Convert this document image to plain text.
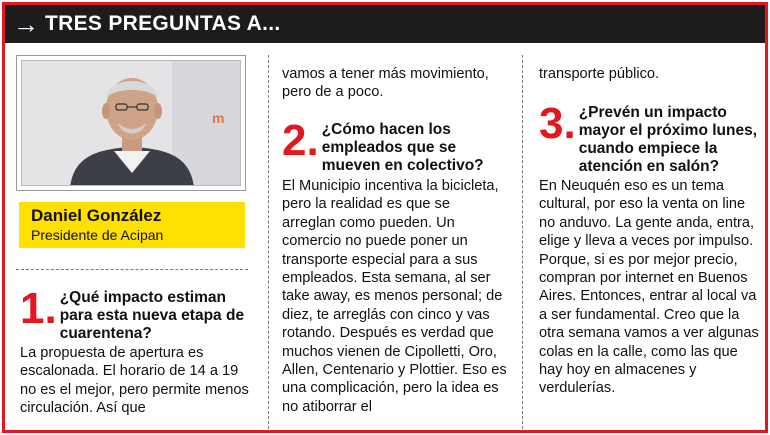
→ TRES PREGUNTAS A...
m
Daniel González
Presidente de Acipan
1. ¿Qué impacto estiman para esta nueva etapa de cuarentena?
La propuesta de apertura es escalonada. El horario de 14 a 19 no es el mejor, pero permite menos circulación. Así que
vamos a tener más movimiento, pero de a poco.
2. ¿Cómo hacen los empleados que se mueven en colectivo?
El Municipio incentiva la bicicleta, pero la realidad es que se arreglan como pueden. Un comercio no puede poner un transporte especial para a sus empleados. Esta semana, al ser take away, es menos personal; de diez, te arreglás con cinco y vas rotando. Después es verdad que muchos vienen de Cipolletti, Oro, Allen, Centenario y Plottier. Eso es una complicación, pero la idea es no atiborrar el
transporte público.
3. ¿Prevén un impacto mayor el próximo lunes, cuando empiece la atención en salón?
En Neuquén eso es un tema cultural, por eso la venta on line no anduvo. La gente anda, entra, elige y lleva a veces por impulso. Porque, si es por mejor precio, compran por internet en Buenos Aires. Entonces, entrar al local va a ser fundamental. Creo que la otra semana vamos a ver algunas colas en la calle, como las que hay hoy en almacenes y verdulerías.
